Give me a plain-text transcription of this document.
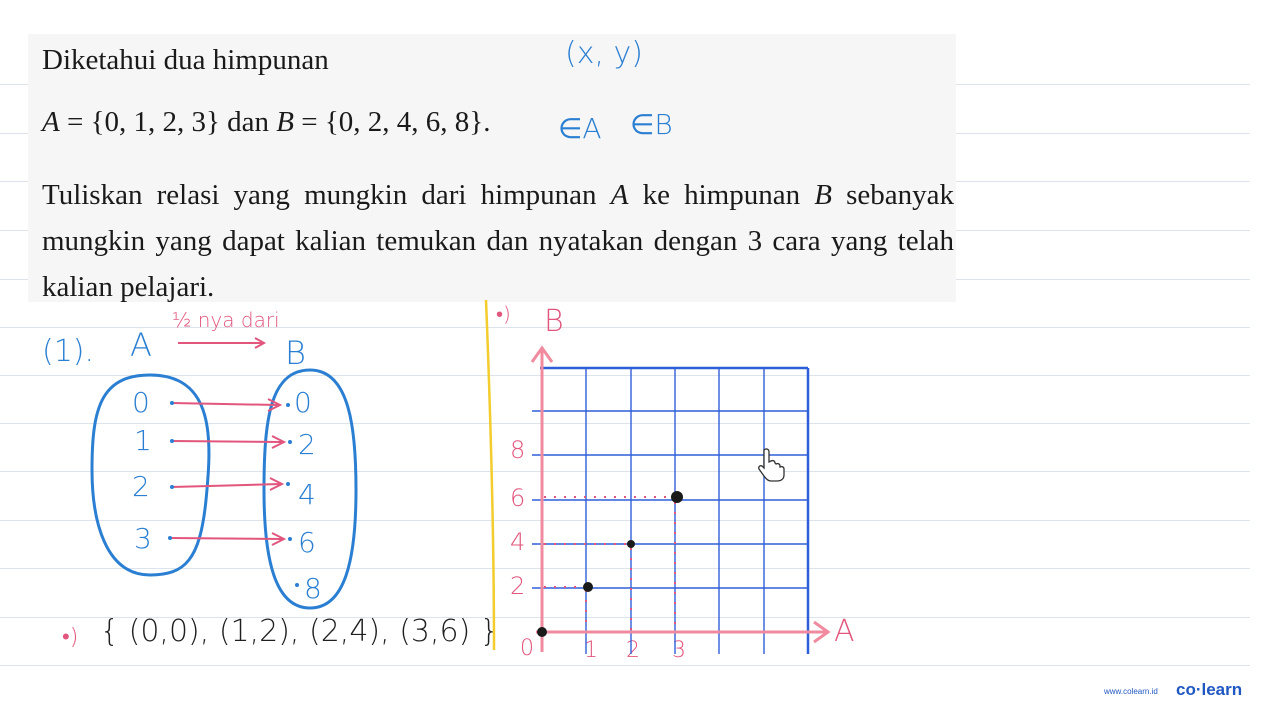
Diketahui dua himpunan
A = {0, 1, 2, 3} dan B = {0, 2, 4, 6, 8}.
Tuliskan relasi yang mungkin dari himpunan A ke himpunan B sebanyak mungkin yang dapat kalian temukan dan nyatakan dengan 3 cara yang telah kalian pelajari.
(x, y)
∈A ∈B
(1). A	B
½ nya dari
0
1
2
3
0
2
4
6
8
•) { (0,0), (1,2), (2,4), (3,6) }
•) B
A
0 1 2 3
2
4
6
8
www.colearn.id co·learn
